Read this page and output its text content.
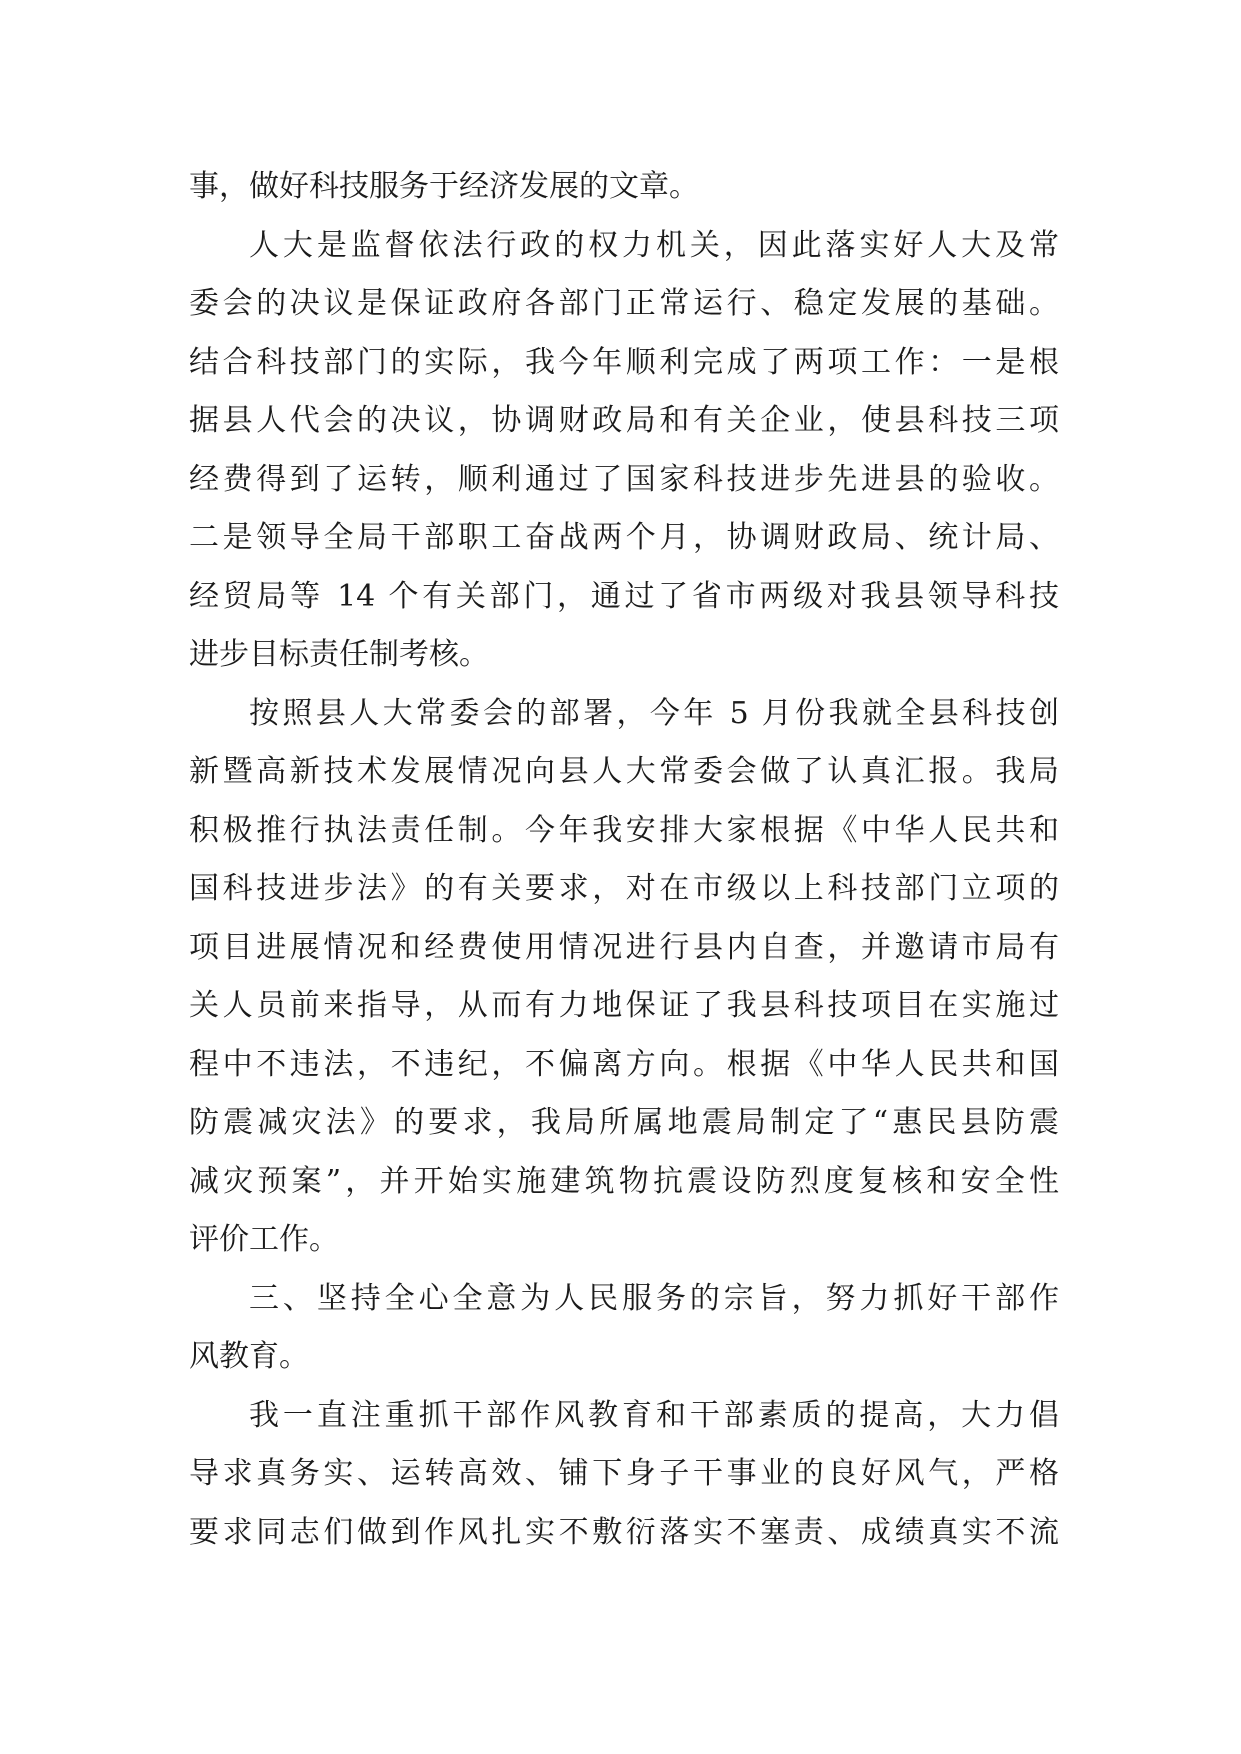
事，做好科技服务于经济发展的文章。
人大是监督依法行政的权力机关，因此落实好人大及常
委会的决议是保证政府各部门正常运行、稳定发展的基础。
结合科技部门的实际，我今年顺利完成了两项工作：一是根
据县人代会的决议，协调财政局和有关企业，使县科技三项
经费得到了运转，顺利通过了国家科技进步先进县的验收。
二是领导全局干部职工奋战两个月，协调财政局、统计局、
经贸局等 14 个有关部门，通过了省市两级对我县领导科技
进步目标责任制考核。
按照县人大常委会的部署，今年 5 月份我就全县科技创
新暨高新技术发展情况向县人大常委会做了认真汇报。我局
积极推行执法责任制。今年我安排大家根据《中华人民共和
国科技进步法》的有关要求，对在市级以上科技部门立项的
项目进展情况和经费使用情况进行县内自查，并邀请市局有
关人员前来指导，从而有力地保证了我县科技项目在实施过
程中不违法，不违纪，不偏离方向。根据《中华人民共和国
防震减灾法》的要求，我局所属地震局制定了“惠民县防震
减灾预案”，并开始实施建筑物抗震设防烈度复核和安全性
评价工作。
三、坚持全心全意为人民服务的宗旨，努力抓好干部作
风教育。
我一直注重抓干部作风教育和干部素质的提高，大力倡
导求真务实、运转高效、铺下身子干事业的良好风气，严格
要求同志们做到作风扎实不敷衍落实不塞责、成绩真实不流
